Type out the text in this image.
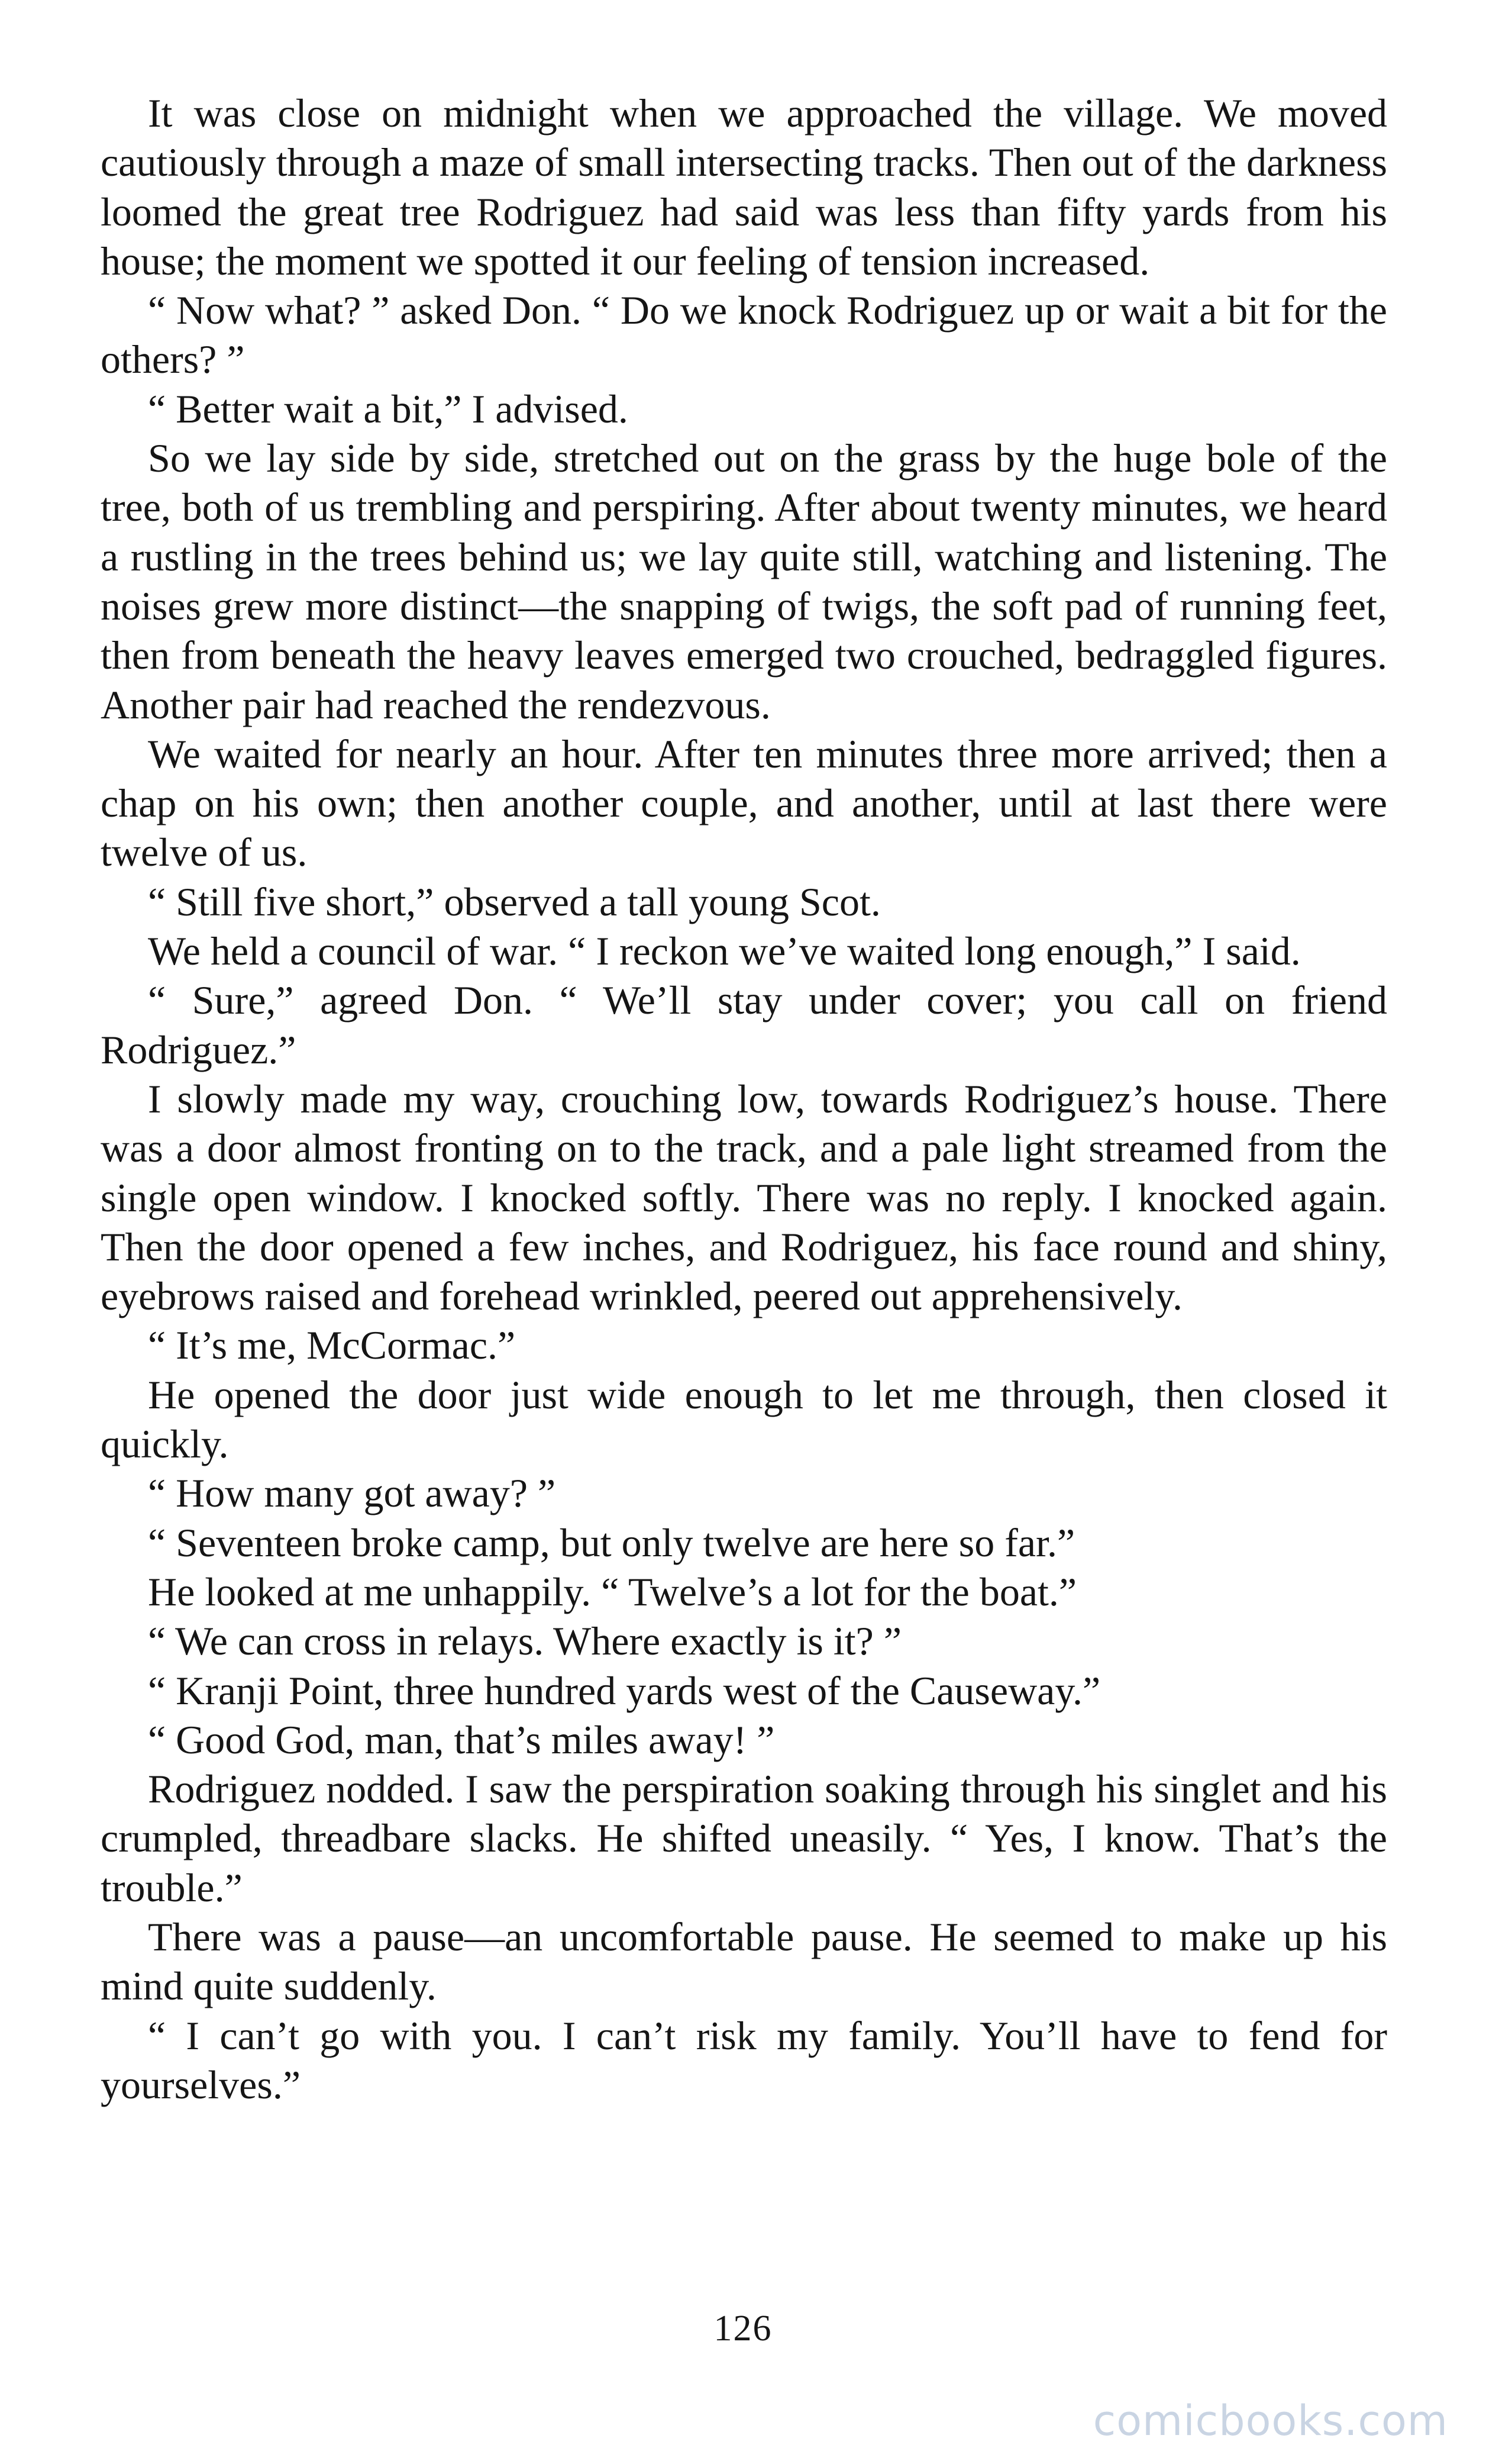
It was close on midnight when we approached the village. We moved cautiously through a maze of small intersecting tracks. Then out of the darkness loomed the great tree Rodriguez had said was less than fifty yards from his house; the moment we spotted it our feeling of tension increased.

“ Now what? ” asked Don. “ Do we knock Rodriguez up or wait a bit for the others? ”

“ Better wait a bit,” I advised.

So we lay side by side, stretched out on the grass by the huge bole of the tree, both of us trembling and perspiring. After about twenty minutes, we heard a rustling in the trees behind us; we lay quite still, watching and listening. The noises grew more distinct—the snapping of twigs, the soft pad of running feet, then from beneath the heavy leaves emerged two crouched, bedraggled figures. Another pair had reached the rendezvous.

We waited for nearly an hour. After ten minutes three more arrived; then a chap on his own; then another couple, and another, until at last there were twelve of us.

“ Still five short,” observed a tall young Scot.

We held a council of war. “ I reckon we’ve waited long enough,” I said.

“ Sure,” agreed Don. “ We’ll stay under cover; you call on friend Rodriguez.”

I slowly made my way, crouching low, towards Rodriguez’s house. There was a door almost fronting on to the track, and a pale light streamed from the single open window. I knocked softly. There was no reply. I knocked again. Then the door opened a few inches, and Rodriguez, his face round and shiny, eyebrows raised and forehead wrinkled, peered out apprehensively.

“ It’s me, McCormac.”

He opened the door just wide enough to let me through, then closed it quickly.

“ How many got away? ”

“ Seventeen broke camp, but only twelve are here so far.”

He looked at me unhappily. “ Twelve’s a lot for the boat.”

“ We can cross in relays. Where exactly is it? ”

“ Kranji Point, three hundred yards west of the Causeway.”

“ Good God, man, that’s miles away! ”

Rodriguez nodded. I saw the perspiration soaking through his singlet and his crumpled, threadbare slacks. He shifted uneasily. “ Yes, I know. That’s the trouble.”

There was a pause—an uncomfortable pause. He seemed to make up his mind quite suddenly.

“ I can’t go with you. I can’t risk my family. You’ll have to fend for yourselves.”

126
comicbooks.com
